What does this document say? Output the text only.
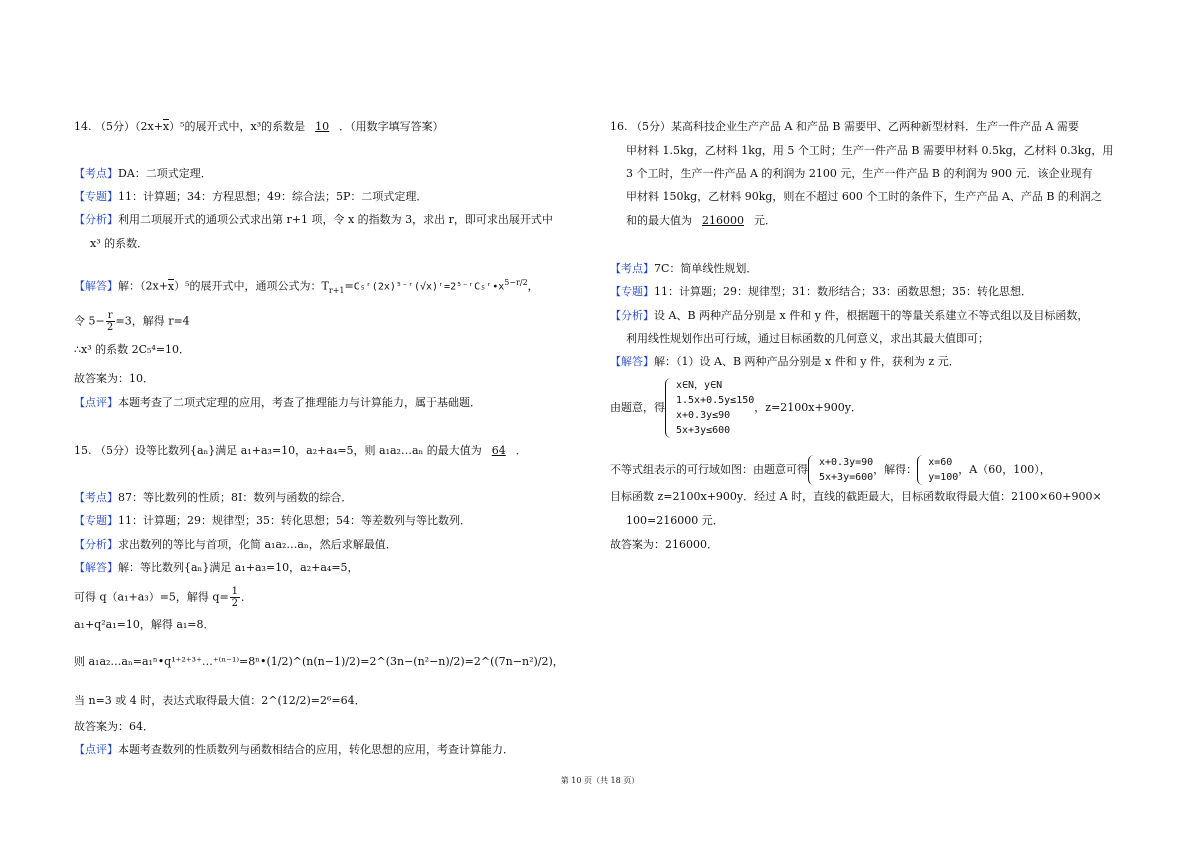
14. （5分）（2x+x）⁵的展开式中，x³的系数是 10 ．（用数字填写答案）
【考点】DA：二项式定理．
【专题】11：计算题；34：方程思想；49：综合法；5P：二项式定理．
【分析】利用二项展开式的通项公式求出第 r+1 项，令 x 的指数为 3，求出 r，即可求出展开式中
x³ 的系数．
【解答】解：（2x+x）⁵的展开式中，通项公式为：$T_{r+1}=C_5ʳ(2x)^{5-}ʳ(√x)ʳ=2^{5-}ʳC_5ʳ•x^{5-r/2}$，
令 $5- \frac{r}{2} =3$，解得 r=4
∴x³ 的系数 2C₅⁴=10．
故答案为：10．
【点评】本题考查了二项式定理的应用，考查了推理能力与计算能力，属于基础题．
15. （5分）设等比数列{aₙ}满足 a₁+a₃=10，a₂+a₄=5，则 a₁a₂…aₙ 的最大值为 64 ．
【考点】87：等比数列的性质；8I：数列与函数的综合．
【专题】11：计算题；29：规律型；35：转化思想；54：等差数列与等比数列．
【分析】求出数列的等比与首项，化简 a₁a₂…aₙ，然后求解最值．
【解答】解：等比数列{aₙ}满足 a₁+a₃=10，a₂+a₄=5，
可得 q（a₁+a₃）=5，解得 $q= \frac{1}{2}$ ．
a₁+q²a₁=10，解得 a₁=8．
则 a₁a₂…aₙ=a₁ⁿ•q¹⁺²⁺³⁺…⁺⁽ⁿ⁻¹⁾=8ⁿ•(1/2)^(n(n−1)/2)=2^(3n−(n²−n)/2)=2^((7n−n²)/2)，
当 n=3 或 4 时，表达式取得最大值：2^(12/2)=2⁶=64．
故答案为：64．
【点评】本题考查数列的性质数列与函数相结合的应用，转化思想的应用，考查计算能力．
16. （5分）某高科技企业生产产品 A 和产品 B 需要甲、乙两种新型材料．生产一件产品 A 需要
甲材料 1.5kg，乙材料 1kg，用 5 个工时；生产一件产品 B 需要甲材料 0.5kg，乙材料 0.3kg，用
3 个工时，生产一件产品 A 的利润为 2100 元，生产一件产品 B 的利润为 900 元．该企业现有
甲材料 150kg，乙材料 90kg，则在不超过 600 个工时的条件下，生产产品 A、产品 B 的利润之
和的最大值为 216000 元．
【考点】7C：简单线性规划．
【专题】11：计算题；29：规律型；31：数形结合；33：函数思想；35：转化思想．
【分析】设 A、B 两种产品分别是 x 件和 y 件，根据题干的等量关系建立不等式组以及目标函数，
利用线性规划作出可行域，通过目标函数的几何意义，求出其最大值即可；
【解答】解：（1）设 A、B 两种产品分别是 x 件和 y 件，获利为 z 元．
由题意，得
x∈N，y∈N
1.5x+0.5y≤150
x+0.3y≤90
5x+3y≤600
，z=2100x+900y．
不等式组表示的可行域如图：由题意可得
x+0.3y=90
5x+3y=600
，解得：
x=60
y=100
，A（60，100），
目标函数 z=2100x+900y．经过 A 时，直线的截距最大，目标函数取得最大值：2100×60+900×
100=216000 元．
故答案为：216000．
第 10 页（共 18 页）
